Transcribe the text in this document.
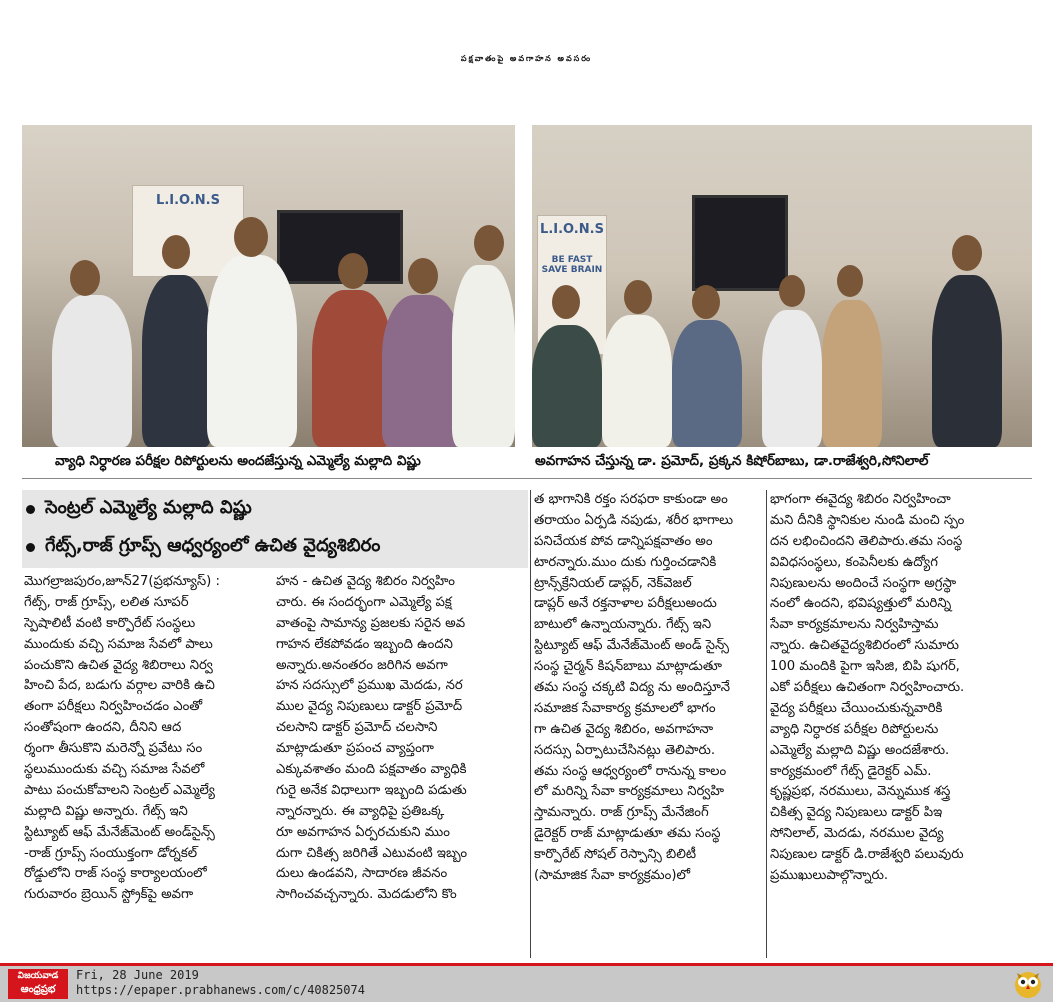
పక్షవాతంపై అవగాహన అవసరం
L.I.O.N.S
L.I.O.N.S
BE FAST SAVE BRAIN
వ్యాధి నిర్ధారణ పరీక్షల రిపోర్టులను అందజేస్తున్న ఎమ్మెల్యే మల్లాది విష్ణు	అవగాహన చేస్తున్న డా. ప్రమోద్, ప్రక్కన కిషోర్‌బాబు, డా.రాజేశ్వరి,సోనిలాల్
సెంట్రల్ ఎమ్మెల్యే మల్లాది విష్ణు
గేట్స్,రాజ్ గ్రూప్స్ ఆధ్వర్యంలో ఉచిత వైద్యశిబిరం
మొగల్రాజపురం,జూన్27(ప్రభన్యూస్) :
గేట్స్, రాజ్ గ్రూప్స్, లలిత సూపర్
స్పెషాలిటీ వంటి కార్పొరేట్ సంస్థలు
ముందుకు వచ్చి సమాజ సేవలో పాలు
పంచుకొని ఉచిత వైద్య శిబిరాలు నిర్వ
హించి పేద, బడుగు వర్గాల వారికి ఉచి
తంగా పరీక్షలు నిర్వహించడం ఎంతో
సంతోషంగా ఉందని, దీనిని ఆద
ర్శంగా తీసుకొని మరెన్నో ప్రవేటు సం
స్థలుముందుకు వచ్చి సమాజ సేవలో
పాటు పంచుకోవాలని సెంట్రల్ ఎమ్మెల్యే
మల్లాది విష్ణు అన్నారు. గేట్స్ ఇని
స్టిట్యూట్ ఆఫ్ మేనేజ్‌మెంట్ అండ్‌సైన్స్
-రాజ్ గ్రూప్స్ సంయుక్తంగా డోర్నకల్
రోడ్డులోని రాజ్ సంస్థ కార్యాలయంలో
గురువారం బ్రెయిన్ స్ట్రోక్‌పై అవగా
హన - ఉచిత వైద్య శిబిరం నిర్వహిం
చారు. ఈ సందర్భంగా ఎమ్మెల్యే పక్ష
వాతంపై సామాన్య ప్రజలకు సరైన అవ
గాహన లేకపోవడం ఇబ్బంది ఉందని
అన్నారు.అనంతరం జరిగిన అవగా
హన సదస్సులో ప్రముఖ మెదడు, నర
ముల వైద్య నిపుణులు డాక్టర్ ప్రమోద్
చలసాని డాక్టర్ ప్రమోద్ చలసాని
మాట్లాడుతూ ప్రపంచ వ్యాప్తంగా
ఎక్కువశాతం మంది పక్షవాతం వ్యాధికి
గురై అనేక విధాలుగా ఇబ్బంది పడుతు
న్నారన్నారు. ఈ వ్యాధిపై ప్రతిఒక్క
రూ అవగాహన ఏర్పరచుకుని ముం
దుగా చికిత్స జరిగితే ఎటువంటి ఇబ్బం
దులు ఉండవని, సాదారణ జీవనం
సాగించవచ్చన్నారు. మెదడులోని కొం
త భాగానికి రక్తం సరఫరా కాకుండా అం
తరాయం ఏర్పడి నపుడు, శరీర భాగాలు
పనిచేయక పోవ డాన్నిపక్షవాతం అం
టారన్నారు.ముం దుకు గుర్తించడానికి
ట్రాన్స్‌క్రేనియల్ డాప్లర్, నెక్‌వెజల్
డాప్లర్ అనే రక్తనాళాల పరీక్షలుఅందు
బాటులో ఉన్నాయన్నారు. గేట్స్ ఇని
స్టిట్యూట్ ఆఫ్ మేనేజ్‌మెంట్ అండ్ సైన్స్
సంస్థ చైర్మన్ కిషన్‌బాబు మాట్లాడుతూ
తమ సంస్థ చక్కటి విద్య ను అందిస్తూనే
సమాజిక సేవాకార్య క్రమాలలో భాగం
గా ఉచిత వైద్య శిబిరం, అవగాహనా
సదస్సు ఏర్పాటుచేసినట్లు తెలిపారు.
తమ సంస్థ ఆధ్వర్యంలో రానున్న కాలం
లో మరిన్ని సేవా కార్యక్రమాలు నిర్వహి
స్తామన్నారు. రాజ్ గ్రూప్స్ మేనేజింగ్
డైరెక్టర్ రాజ్ మాట్లాడుతూ తమ సంస్థ
కార్పొరేట్ సోషల్ రెస్పాన్సి బిలిటీ
(సామాజిక సేవా కార్యక్రమం)లో
భాగంగా ఈవైద్య శిబిరం నిర్వహించా
మని దీనికి స్థానికుల నుండి మంచి స్పం
దన లభించిందని తెలిపారు.తమ సంస్థ
వివిధసంస్థలు, కంపెనీలకు ఉద్యోగ
నిపుణులను అందించే సంస్థగా అగ్రస్థా
నంలో ఉందని, భవిష్యత్తులో మరిన్ని
సేవా కార్యక్రమాలను నిర్వహిస్తామ
న్నారు. ఉచితవైద్యశిబిరంలో సుమారు
100 మందికి పైగా ఇసిజి, బిపి షుగర్,
ఎకో పరీక్షలు ఉచితంగా నిర్వహించారు.
వైద్య పరీక్షలు చేయించుకున్నవారికి
వ్యాధి నిర్ధారక పరీక్షల రిపోర్టులను
ఎమ్మెల్యే మల్లాది విష్ణు అందజేశారు.
కార్యక్రమంలో గేట్స్ డైరెక్టర్ ఎమ్.
కృష్ణప్రభ, నరములు, వెన్నుముక శస్త్ర
చికిత్స వైద్య నిపుణులు డాక్టర్ పిఇ
సోనిలాల్, మెదడు, నరముల వైద్య
నిపుణుల డాక్టర్ డి.రాజేశ్వరి పలువురు
ప్రముఖులుపాల్గొన్నారు.
విజయవాడ
ఆంధ్రప్రభ
Fri, 28 June 2019
https://epaper.prabhanews.com/c/40825074
